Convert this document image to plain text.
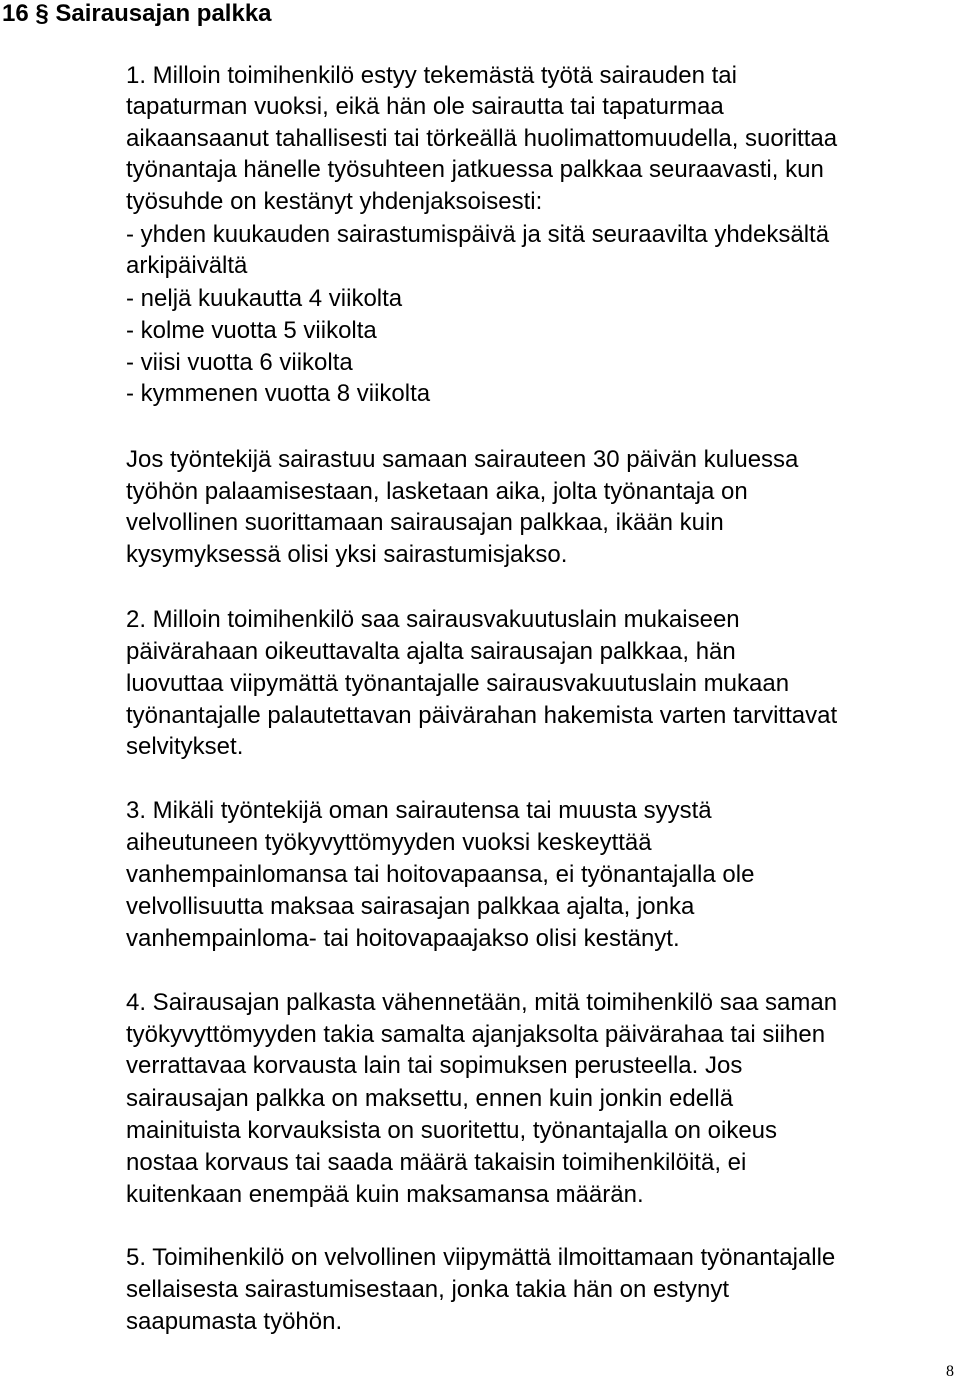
16 § Sairausajan palkka

1. Milloin toimihenkilö estyy tekemästä työtä sairauden tai

tapaturman vuoksi, eikä hän ole sairautta tai tapaturmaa

aikaansaanut tahallisesti tai törkeällä huolimattomuudella, suorittaa

työnantaja hänelle työsuhteen jatkuessa palkkaa seuraavasti, kun

työsuhde on kestänyt yhdenjaksoisesti:

- yhden kuukauden sairastumispäivä ja sitä seuraavilta yhdeksältä

arkipäivältä

- neljä kuukautta 4 viikolta

- kolme vuotta 5 viikolta

- viisi vuotta 6 viikolta

- kymmenen vuotta 8 viikolta

Jos työntekijä sairastuu samaan sairauteen 30 päivän kuluessa

työhön palaamisestaan, lasketaan aika, jolta työnantaja on

velvollinen suorittamaan sairausajan palkkaa, ikään kuin

kysymyksessä olisi yksi sairastumisjakso.

2. Milloin toimihenkilö saa sairausvakuutuslain mukaiseen

päivärahaan oikeuttavalta ajalta sairausajan palkkaa, hän

luovuttaa viipymättä työnantajalle sairausvakuutuslain mukaan

työnantajalle palautettavan päivärahan hakemista varten tarvittavat

selvitykset.

3. Mikäli työntekijä oman sairautensa tai muusta syystä

aiheutuneen työkyvyttömyyden vuoksi keskeyttää

vanhempainlomansa tai hoitovapaansa, ei työnantajalla ole

velvollisuutta maksaa sairasajan palkkaa ajalta, jonka

vanhempainloma- tai hoitovapaajakso olisi kestänyt.

4. Sairausajan palkasta vähennetään, mitä toimihenkilö saa saman

työkyvyttömyyden takia samalta ajanjaksolta päivärahaa tai siihen

verrattavaa korvausta lain tai sopimuksen perusteella. Jos

sairausajan palkka on maksettu, ennen kuin jonkin edellä

mainituista korvauksista on suoritettu, työnantajalla on oikeus

nostaa korvaus tai saada määrä takaisin toimihenkilöitä, ei

kuitenkaan enempää kuin maksamansa määrän.

5. Toimihenkilö on velvollinen viipymättä ilmoittamaan työnantajalle

sellaisesta sairastumisestaan, jonka takia hän on estynyt

saapumasta työhön.

8
